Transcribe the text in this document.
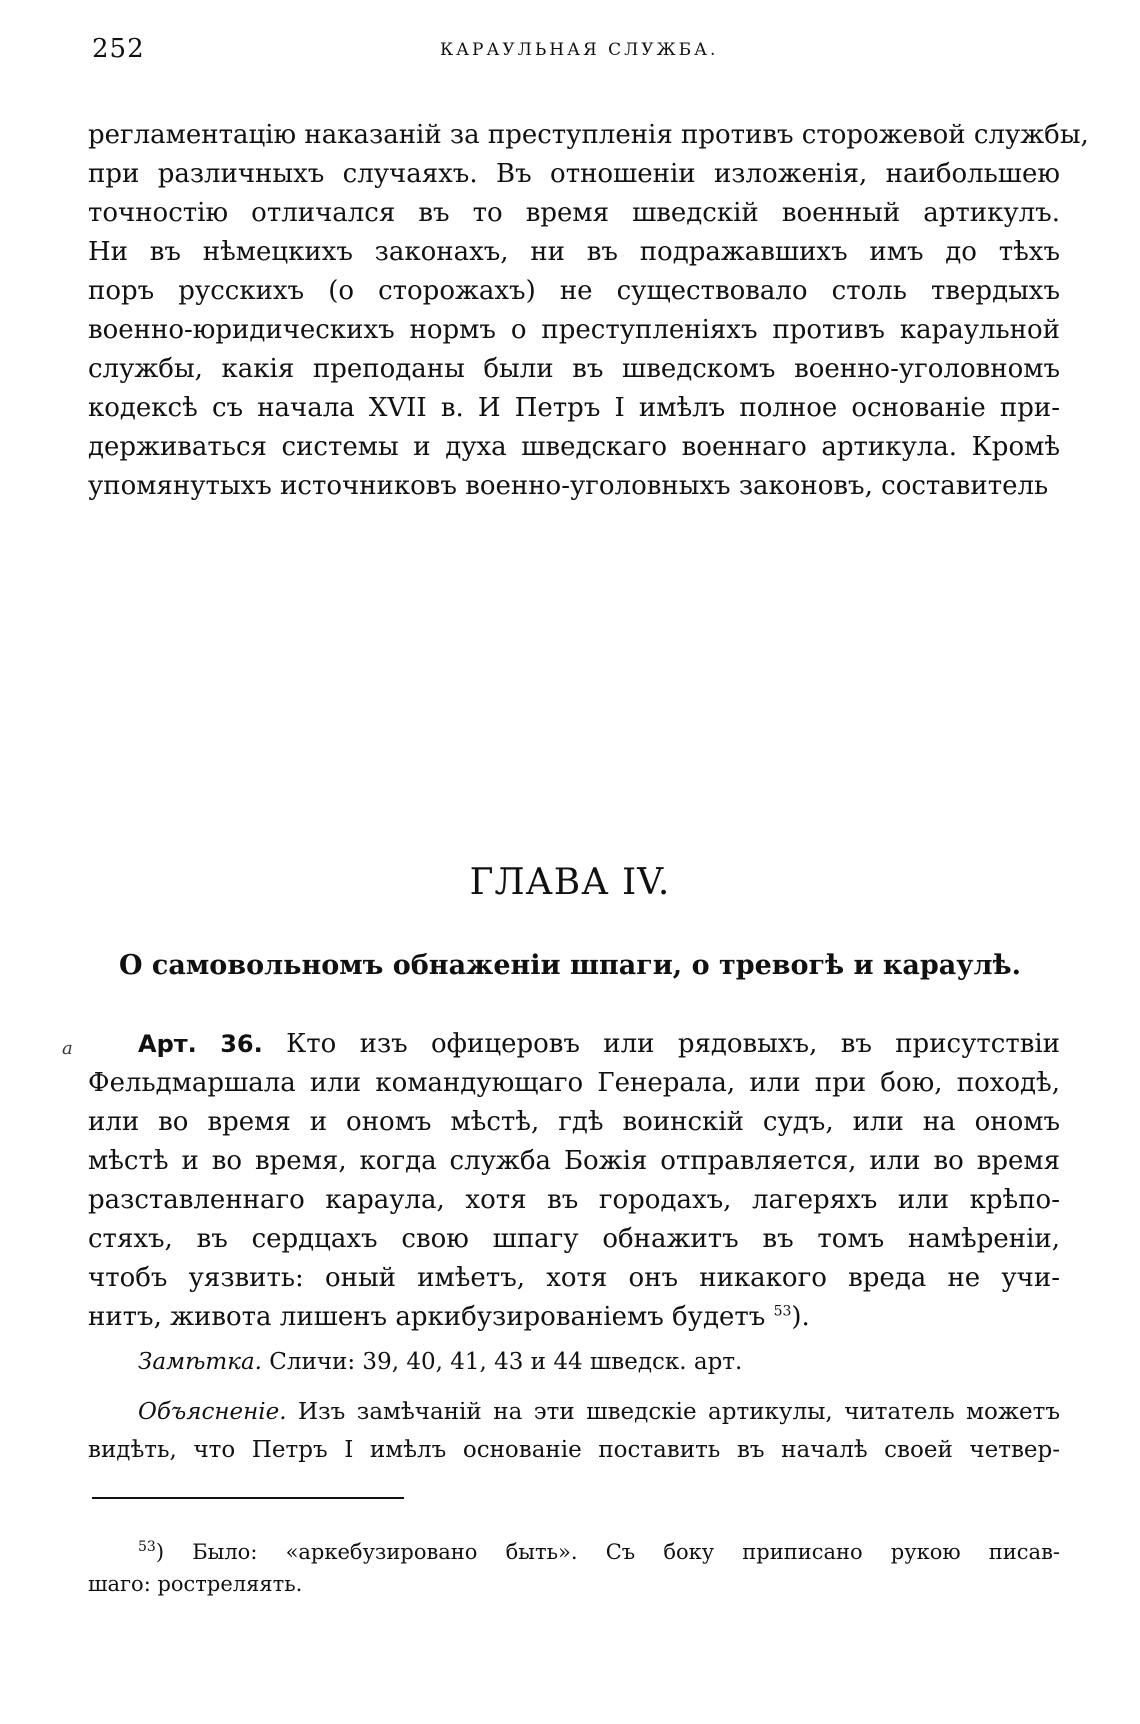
252	КАРАУЛЬНАЯ СЛУЖБА.
регламентацію наказаній за преступленія противъ сторожевой службы,
при различныхъ случаяхъ. Въ отношеніи изложенія, наибольшею
точностію отличался въ то время шведскій военный артикулъ.
Ни въ нѣмецкихъ законахъ, ни въ подражавшихъ имъ до тѣхъ
поръ русскихъ (о сторожахъ) не существовало столь твердыхъ
военно-юридическихъ нормъ о преступленіяхъ противъ караульной
службы, какія преподаны были въ шведскомъ военно-уголовномъ
кодексѣ съ начала XVII в. И Петръ I имѣлъ полное основаніе при-
держиваться системы и духа шведскаго военнаго артикула. Кромѣ
упомянутыхъ источниковъ военно-уголовныхъ законовъ, составитель
ГЛАВА IV.
О самовольномъ обнаженіи шпаги, о тревогѣ и караулѣ.
а	Арт. 36. Кто изъ офицеровъ или рядовыхъ, въ присутствіи
Фельдмаршала или командующаго Генерала, или при бою, походѣ,
или во время и ономъ мѣстѣ, гдѣ воинскій судъ, или на ономъ
мѣстѣ и во время, когда служба Божія отправляется, или во время
разставленнаго караула, хотя въ городахъ, лагеряхъ или крѣпо-
стяхъ, въ сердцахъ свою шпагу обнажитъ въ томъ намѣреніи,
чтобъ уязвить: оный имѣетъ, хотя онъ никакого вреда не учи-
нитъ, живота лишенъ аркибузированіемъ будетъ $^{53}$).
Замѣтка. Сличи: 39, 40, 41, 43 и 44 шведск. арт.
Объясненіе. Изъ замѣчаній на эти шведскіе артикулы, читатель можетъ
видѣть, что Петръ I имѣлъ основаніе поставить въ началѣ своей четвер-
$^{53}$) Было: «аркебузировано быть». Съ боку приписано рукою писав-
шаго: ростреляять.
